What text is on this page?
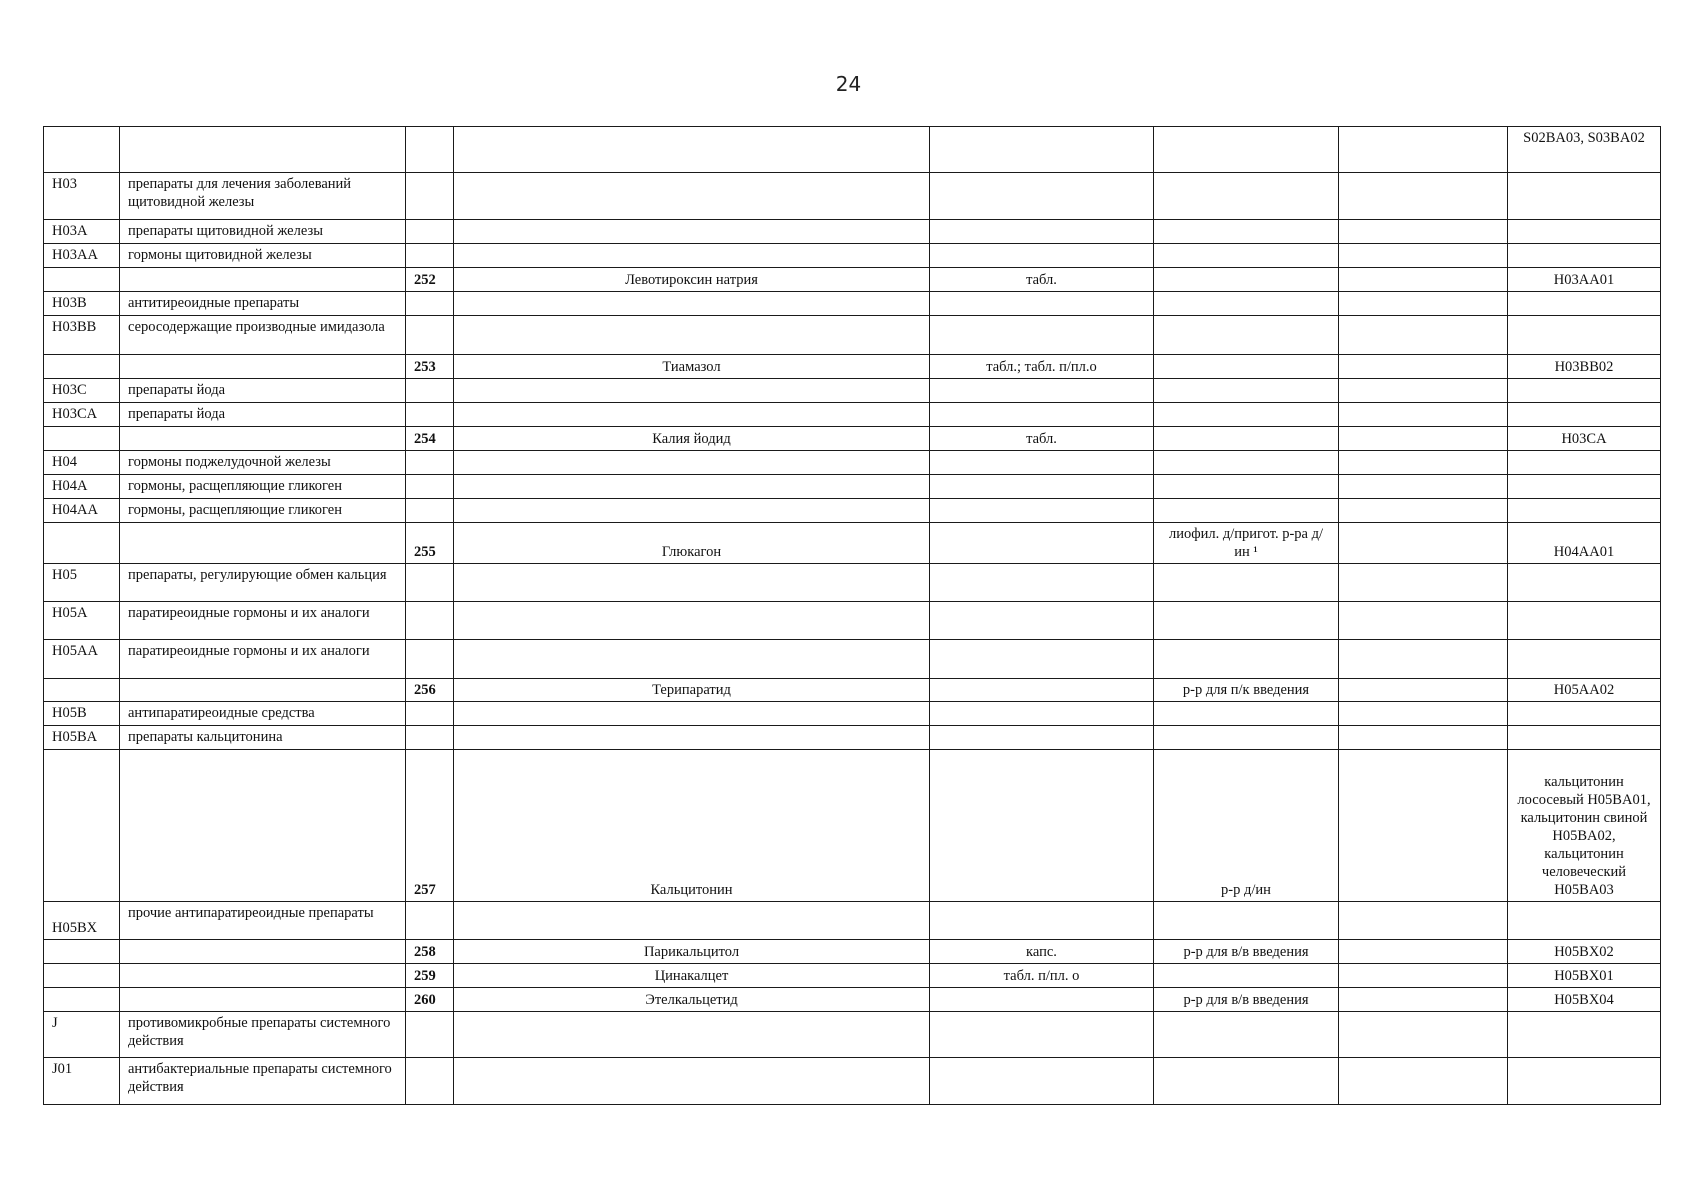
24
							S02BA03, S03BA02
H03	препараты для лечения заболеваний щитовидной железы						
H03A	препараты щитовидной железы						
H03AA	гормоны щитовидной железы						
		252	Левотироксин натрия	табл.			H03AA01
H03B	антитиреоидные препараты						
H03BB	серосодержащие производные имидазола						
		253	Тиамазол	табл.; табл. п/пл.о			H03BB02
H03C	препараты йода						
H03CA	препараты йода						
		254	Калия йодид	табл.			H03CA
H04	гормоны поджелудочной железы						
H04A	гормоны, расщепляющие гликоген						
H04AA	гормоны, расщепляющие гликоген						
		255	Глюкагон		лиофил. д/пригот. р-ра д/ин ¹		H04AA01
H05	препараты, регулирующие обмен кальция						
H05A	паратиреоидные гормоны и их аналоги						
H05AA	паратиреоидные гормоны и их аналоги						
		256	Терипаратид		р-р для п/к введения		H05AA02
H05B	антипаратиреоидные средства						
H05BA	препараты кальцитонина						
		257	Кальцитонин		р-р д/ин		кальцитонин лососевый H05BA01, кальцитонин свиной H05BA02, кальцитонин человеческий H05BA03
H05BX	прочие антипаратиреоидные препараты						
		258	Парикальцитол	капс.	р-р для в/в введения		H05BX02
		259	Цинакалцет	табл. п/пл. о			H05BX01
		260	Этелкальцетид		р-р для в/в введения		H05BX04
J	противомикробные препараты системного действия						
J01	антибактериальные препараты системного действия						
